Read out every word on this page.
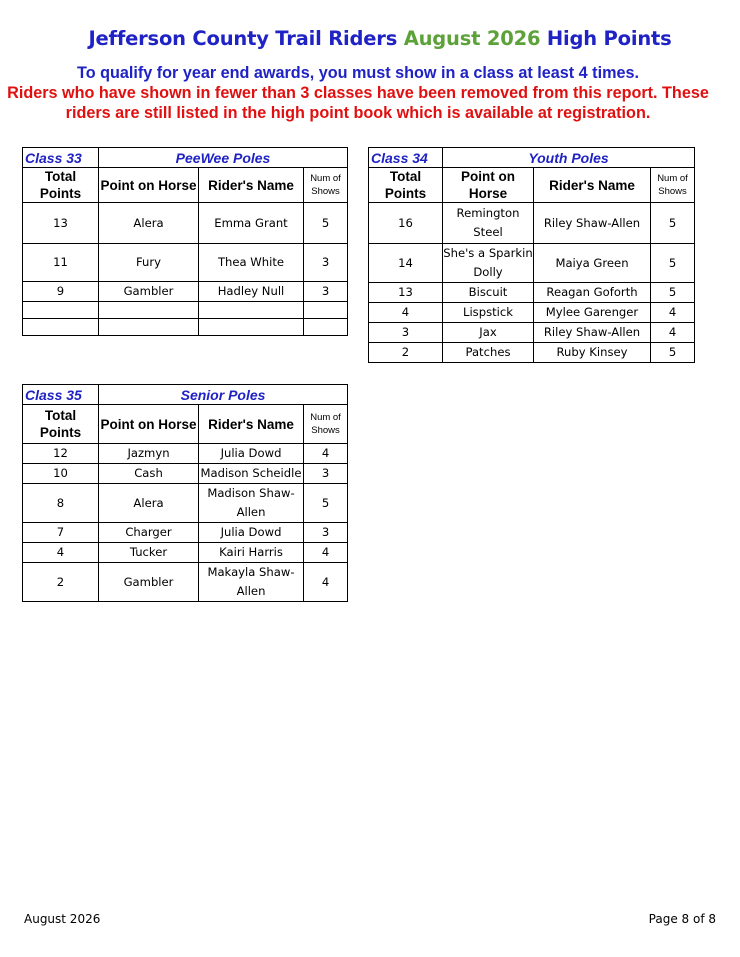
Jefferson County Trail Riders August 2026 High Points
To qualify for year end awards, you must show in a class at least 4 times.
Riders who have shown in fewer than 3 classes have been removed from this report. These riders are still listed in the high point book which is available at registration.
Class 33	PeeWee Poles		
Total Points	Point on Horse	Rider's Name	Num of Shows
13	Alera	Emma Grant	5
11	Fury	Thea White	3
9	Gambler	Hadley Null	3

Class 34	Youth Poles		
Total Points	Point on Horse	Rider's Name	Num of Shows
16	Remington Steel	Riley Shaw-Allen	5
14	She's a Sparkin Dolly	Maiya Green	5
13	Biscuit	Reagan Goforth	5
4	Lispstick	Mylee Garenger	4
3	Jax	Riley Shaw-Allen	4
2	Patches	Ruby Kinsey	5
Class 35	Senior Poles		
Total Points	Point on Horse	Rider's Name	Num of Shows
12	Jazmyn	Julia Dowd	4
10	Cash	Madison Scheidle	3
8	Alera	Madison Shaw-Allen	5
7	Charger	Julia Dowd	3
4	Tucker	Kairi Harris	4
2	Gambler	Makayla Shaw-Allen	4
August 2026	Page 8 of 8
